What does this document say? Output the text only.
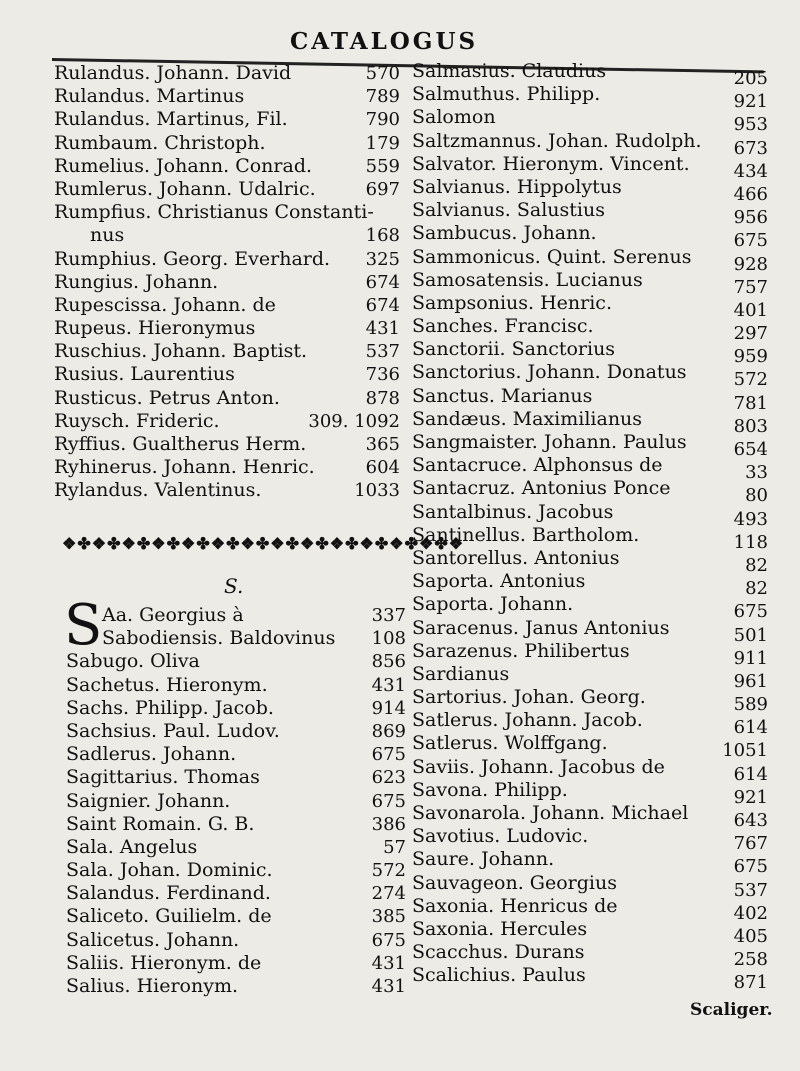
CATALOGUS
Rulandus. Johann. David	570
Rulandus. Martinus	789
Rulandus. Martinus, Fil.	790
Rumbaum. Christoph.	179
Rumelius. Johann. Conrad.	559
Rumlerus. Johann. Udalric.	697
Rumpfius. Christianus Constanti-
nus	168
Rumphius. Georg. Everhard. 325
Rungius. Johann.	674
Rupescissa. Johann. de	674
Rupeus. Hieronymus	431
Ruschius. Johann. Baptist.	537
Rusius. Laurentius	736
Rusticus. Petrus Anton.	878
Ruysch. Frideric.	309. 1092
Ryffius. Gualtherus Herm.	365
Ryhinerus. Johann. Henric.	604
Rylandus. Valentinus.	1033
❖✤❖✤❖✤❖✤❖✤❖✤❖✤❖✤❖✤❖✤❖✤❖✤❖✤❖
S.
S Aa. Georgius à	337
Sabodiensis. Baldovinus 108
Sabugo. Oliva	856
Sachetus. Hieronym.	431
Sachs. Philipp. Jacob.	914
Sachsius. Paul. Ludov.	869
Sadlerus. Johann.	675
Sagittarius. Thomas	623
Saignier. Johann.	675
Saint Romain. G. B.	386
Sala. Angelus	57
Sala. Johan. Dominic.	572
Salandus. Ferdinand.	274
Saliceto. Guilielm. de	385
Salicetus. Johann.	675
Saliis. Hieronym. de	431
Salius. Hieronym.	431
Salmasius. Claudius	205
Salmuthus. Philipp.	921
Salomon	953
Saltzmannus. Johan. Rudolph. 673
Salvator. Hieronym. Vincent. 434
Salvianus. Hippolytus	466
Salvianus. Salustius	956
Sambucus. Johann.	675
Sammonicus. Quint. Serenus 928
Samosatensis. Lucianus	757
Sampsonius. Henric.	401
Sanches. Francisc.	297
Sanctorii. Sanctorius	959
Sanctorius. Johann. Donatus	572
Sanctus. Marianus	781
Sandæus. Maximilianus	803
Sangmaister. Johann. Paulus	654
Santacruce. Alphonsus de	33
Santacruz. Antonius Ponce	80
Santalbinus. Jacobus	493
Santinellus. Bartholom.	118
Santorellus. Antonius	82
Saporta. Antonius	82
Saporta. Johann.	675
Saracenus. Janus Antonius	501
Sarazenus. Philibertus	911
Sardianus	961
Sartorius. Johan. Georg.	589
Satlerus. Johann. Jacob.	614
Satlerus. Wolffgang.	1051
Saviis. Johann. Jacobus de	614
Savona. Philipp.	921
Savonarola. Johann. Michael	643
Savotius. Ludovic.	767
Saure. Johann.	675
Sauvageon. Georgius	537
Saxonia. Henricus de	402
Saxonia. Hercules	405
Scacchus. Durans	258
Scalichius. Paulus	871
Scaliger.
